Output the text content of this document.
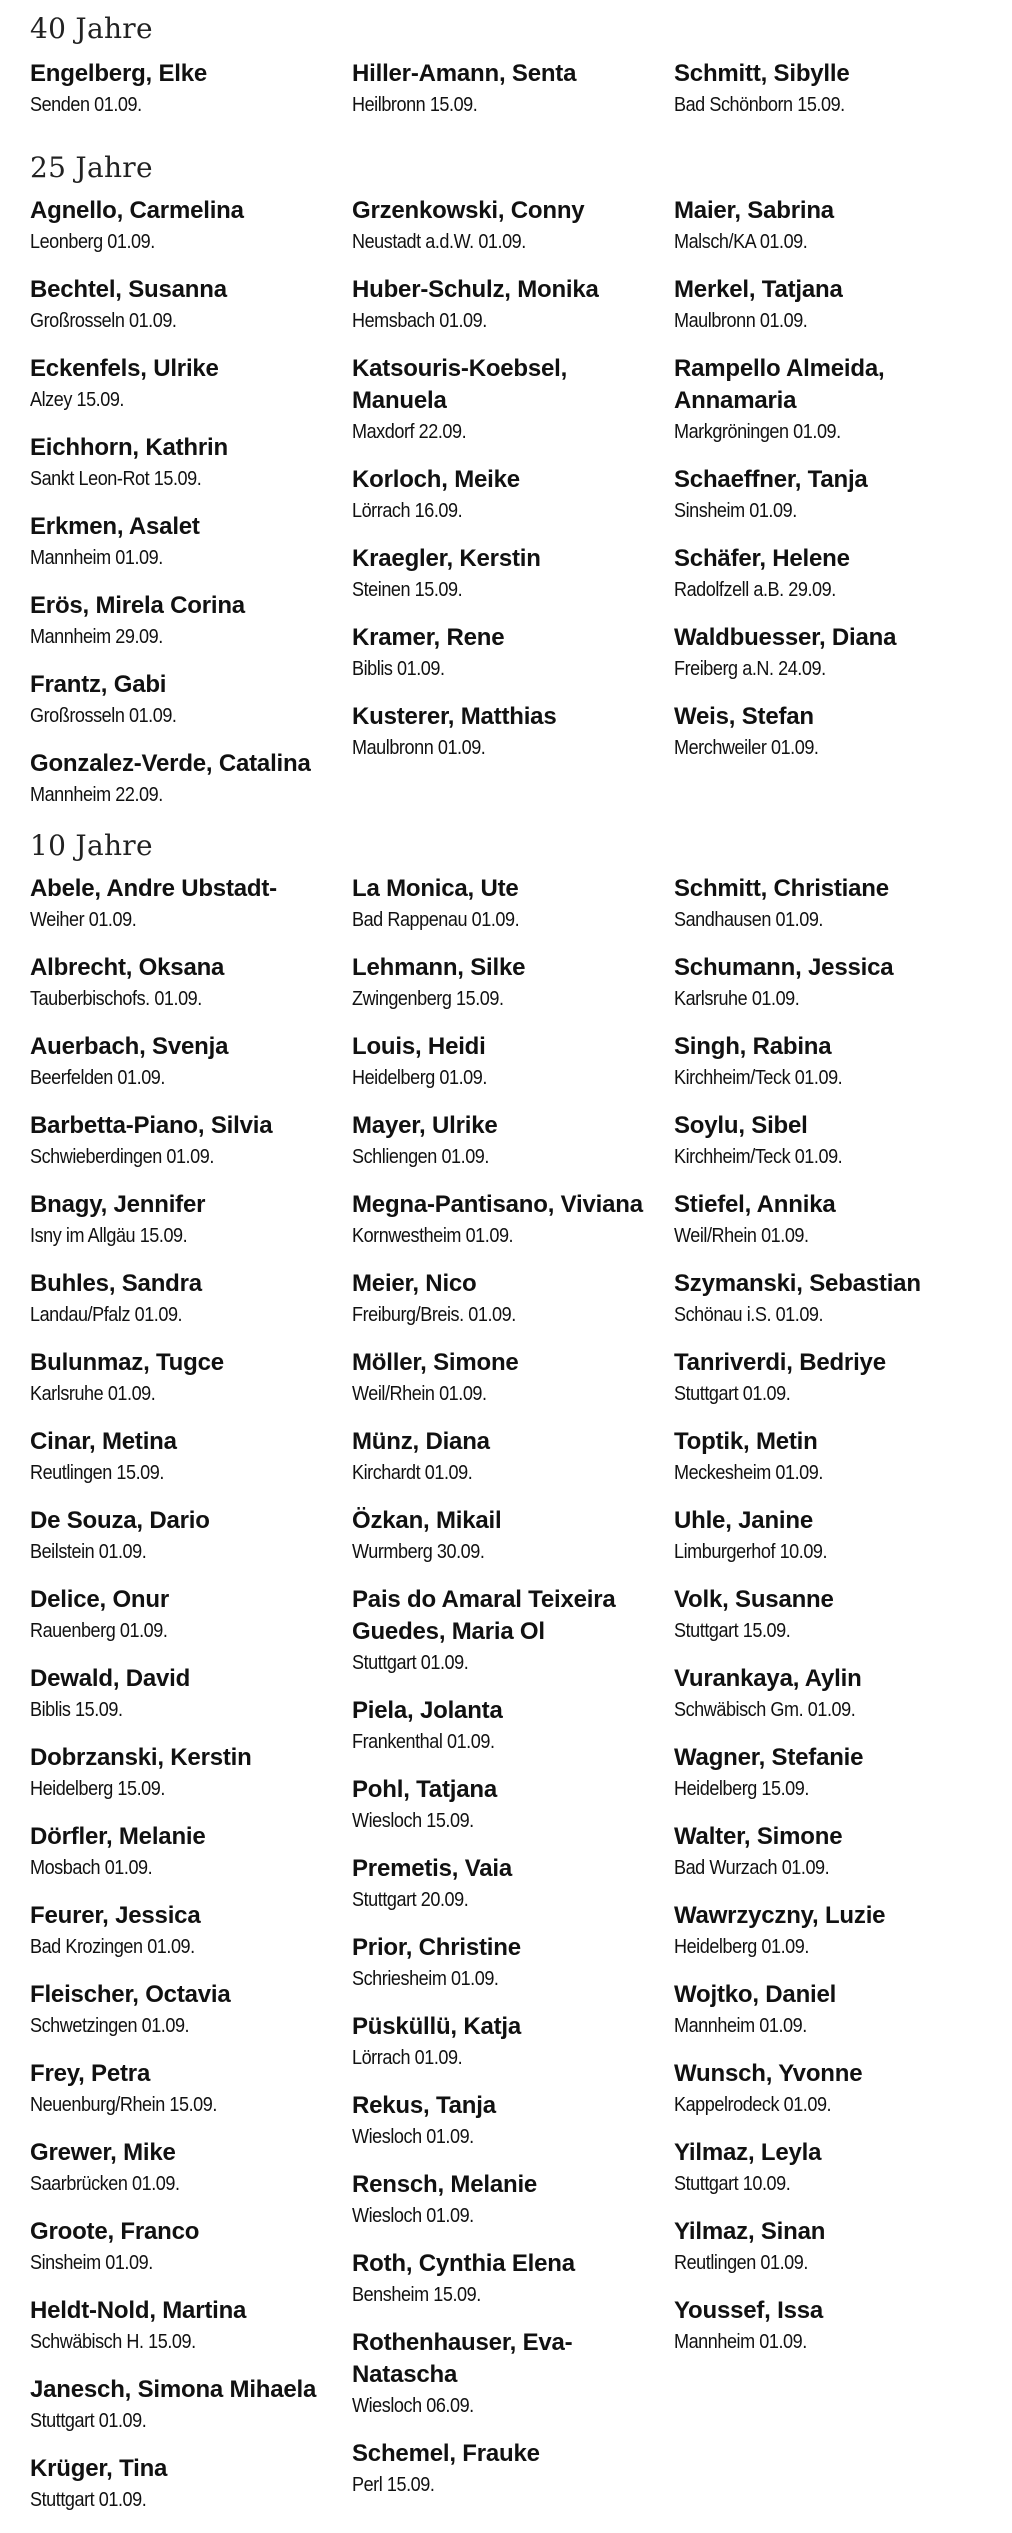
40 Jahre
Engelberg, Elke
Senden 01.09.
Hiller-Amann, Senta
Heilbronn 15.09.
Schmitt, Sibylle
Bad Schönborn 15.09.
25 Jahre
Agnello, Carmelina
Leonberg 01.09.
Bechtel, Susanna
Großrosseln 01.09.
Eckenfels, Ulrike
Alzey 15.09.
Eichhorn, Kathrin
Sankt Leon-Rot 15.09.
Erkmen, Asalet
Mannheim 01.09.
Erös, Mirela Corina
Mannheim 29.09.
Frantz, Gabi
Großrosseln 01.09.
Gonzalez-Verde, Catalina
Mannheim 22.09.
Grzenkowski, Conny
Neustadt a.d.W. 01.09.
Huber-Schulz, Monika
Hemsbach 01.09.
Katsouris-Koebsel, Manuela
Maxdorf 22.09.
Korloch, Meike
Lörrach 16.09.
Kraegler, Kerstin
Steinen 15.09.
Kramer, Rene
Biblis 01.09.
Kusterer, Matthias
Maulbronn 01.09.
Maier, Sabrina
Malsch/KA 01.09.
Merkel, Tatjana
Maulbronn 01.09.
Rampello Almeida, Annamaria
Markgröningen 01.09.
Schaeffner, Tanja
Sinsheim 01.09.
Schäfer, Helene
Radolfzell a.B. 29.09.
Waldbuesser, Diana
Freiberg a.N. 24.09.
Weis, Stefan
Merchweiler 01.09.
10 Jahre
Abele, Andre Ubstadt-
Weiher 01.09.
Albrecht, Oksana
Tauberbischofs. 01.09.
Auerbach, Svenja
Beerfelden 01.09.
Barbetta-Piano, Silvia
Schwieberdingen 01.09.
Bnagy, Jennifer
Isny im Allgäu 15.09.
Buhles, Sandra
Landau/Pfalz 01.09.
Bulunmaz, Tugce
Karlsruhe 01.09.
Cinar, Metina
Reutlingen 15.09.
De Souza, Dario
Beilstein 01.09.
Delice, Onur
Rauenberg 01.09.
Dewald, David
Biblis 15.09.
Dobrzanski, Kerstin
Heidelberg 15.09.
Dörfler, Melanie
Mosbach 01.09.
Feurer, Jessica
Bad Krozingen 01.09.
Fleischer, Octavia
Schwetzingen 01.09.
Frey, Petra
Neuenburg/Rhein 15.09.
Grewer, Mike
Saarbrücken 01.09.
Groote, Franco
Sinsheim 01.09.
Heldt-Nold, Martina
Schwäbisch H. 15.09.
Janesch, Simona Mihaela
Stuttgart 01.09.
Krüger, Tina
Stuttgart 01.09.
La Monica, Ute
Bad Rappenau 01.09.
Lehmann, Silke
Zwingenberg 15.09.
Louis, Heidi
Heidelberg 01.09.
Mayer, Ulrike
Schliengen 01.09.
Megna-Pantisano, Viviana
Kornwestheim 01.09.
Meier, Nico
Freiburg/Breis. 01.09.
Möller, Simone
Weil/Rhein 01.09.
Münz, Diana
Kirchardt 01.09.
Özkan, Mikail
Wurmberg 30.09.
Pais do Amaral Teixeira Guedes, Maria Ol
Stuttgart 01.09.
Piela, Jolanta
Frankenthal 01.09.
Pohl, Tatjana
Wiesloch 15.09.
Premetis, Vaia
Stuttgart 20.09.
Prior, Christine
Schriesheim 01.09.
Püsküllü, Katja
Lörrach 01.09.
Rekus, Tanja
Wiesloch 01.09.
Rensch, Melanie
Wiesloch 01.09.
Roth, Cynthia Elena
Bensheim 15.09.
Rothenhauser, Eva-Natascha
Wiesloch 06.09.
Schemel, Frauke
Perl 15.09.
Schmitt, Christiane
Sandhausen 01.09.
Schumann, Jessica
Karlsruhe 01.09.
Singh, Rabina
Kirchheim/Teck 01.09.
Soylu, Sibel
Kirchheim/Teck 01.09.
Stiefel, Annika
Weil/Rhein 01.09.
Szymanski, Sebastian
Schönau i.S. 01.09.
Tanriverdi, Bedriye
Stuttgart 01.09.
Toptik, Metin
Meckesheim 01.09.
Uhle, Janine
Limburgerhof 10.09.
Volk, Susanne
Stuttgart 15.09.
Vurankaya, Aylin
Schwäbisch Gm. 01.09.
Wagner, Stefanie
Heidelberg 15.09.
Walter, Simone
Bad Wurzach 01.09.
Wawrzyczny, Luzie
Heidelberg 01.09.
Wojtko, Daniel
Mannheim 01.09.
Wunsch, Yvonne
Kappelrodeck 01.09.
Yilmaz, Leyla
Stuttgart 10.09.
Yilmaz, Sinan
Reutlingen 01.09.
Youssef, Issa
Mannheim 01.09.
